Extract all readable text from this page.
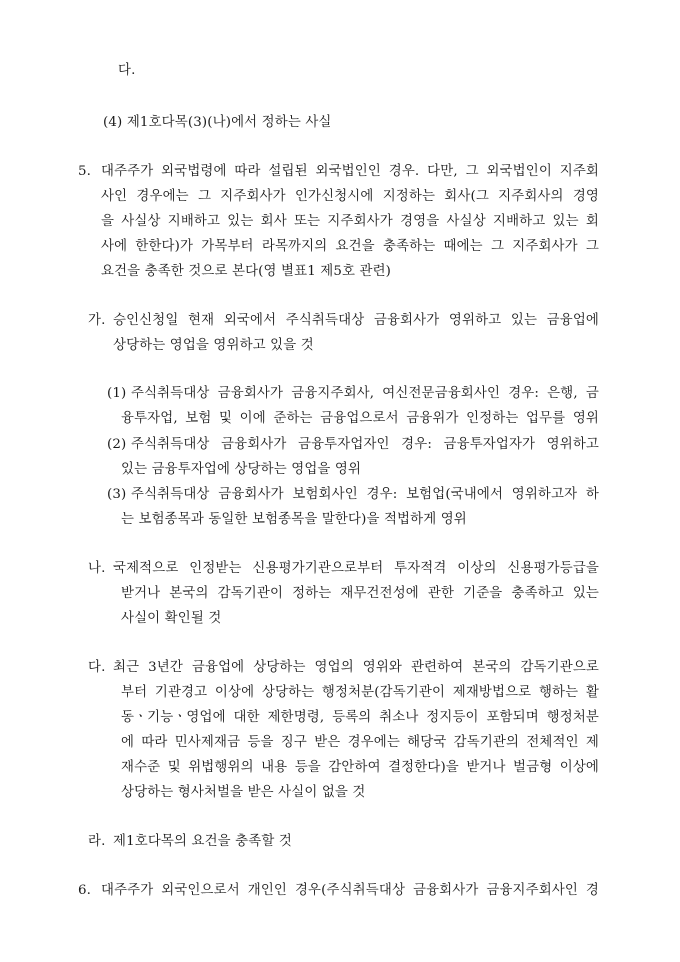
다.
(4) 제1호다목(3)(나)에서 정하는 사실
5. 대주주가 외국법령에 따라 설립된 외국법인인 경우. 다만, 그 외국법인이 지주회
사인 경우에는 그 지주회사가 인가신청시에 지정하는 회사(그 지주회사의 경영
을 사실상 지배하고 있는 회사 또는 지주회사가 경영을 사실상 지배하고 있는 회
사에 한한다)가 가목부터 라목까지의 요건을 충족하는 때에는 그 지주회사가 그
요건을 충족한 것으로 본다(영 별표1 제5호 관련)
가. 승인신청일 현재 외국에서 주식취득대상 금융회사가 영위하고 있는 금융업에
상당하는 영업을 영위하고 있을 것
(1) 주식취득대상 금융회사가 금융지주회사, 여신전문금융회사인 경우: 은행, 금
융투자업, 보험 및 이에 준하는 금융업으로서 금융위가 인정하는 업무를 영위
(2) 주식취득대상 금융회사가 금융투자업자인 경우: 금융투자업자가 영위하고
있는 금융투자업에 상당하는 영업을 영위
(3) 주식취득대상 금융회사가 보험회사인 경우: 보험업(국내에서 영위하고자 하
는 보험종목과 동일한 보험종목을 말한다)을 적법하게 영위
나. 국제적으로 인정받는 신용평가기관으로부터 투자적격 이상의 신용평가등급을
받거나 본국의 감독기관이 정하는 재무건전성에 관한 기준을 충족하고 있는
사실이 확인될 것
다. 최근 3년간 금융업에 상당하는 영업의 영위와 관련하여 본국의 감독기관으로
부터 기관경고 이상에 상당하는 행정처분(감독기관이 제재방법으로 행하는 활
동ㆍ기능ㆍ영업에 대한 제한명령, 등록의 취소나 정지등이 포함되며 행정처분
에 따라 민사제재금 등을 징구 받은 경우에는 해당국 감독기관의 전체적인 제
재수준 및 위법행위의 내용 등을 감안하여 결정한다)을 받거나 벌금형 이상에
상당하는 형사처벌을 받은 사실이 없을 것
라. 제1호다목의 요건을 충족할 것
6. 대주주가 외국인으로서 개인인 경우(주식취득대상 금융회사가 금융지주회사인 경
